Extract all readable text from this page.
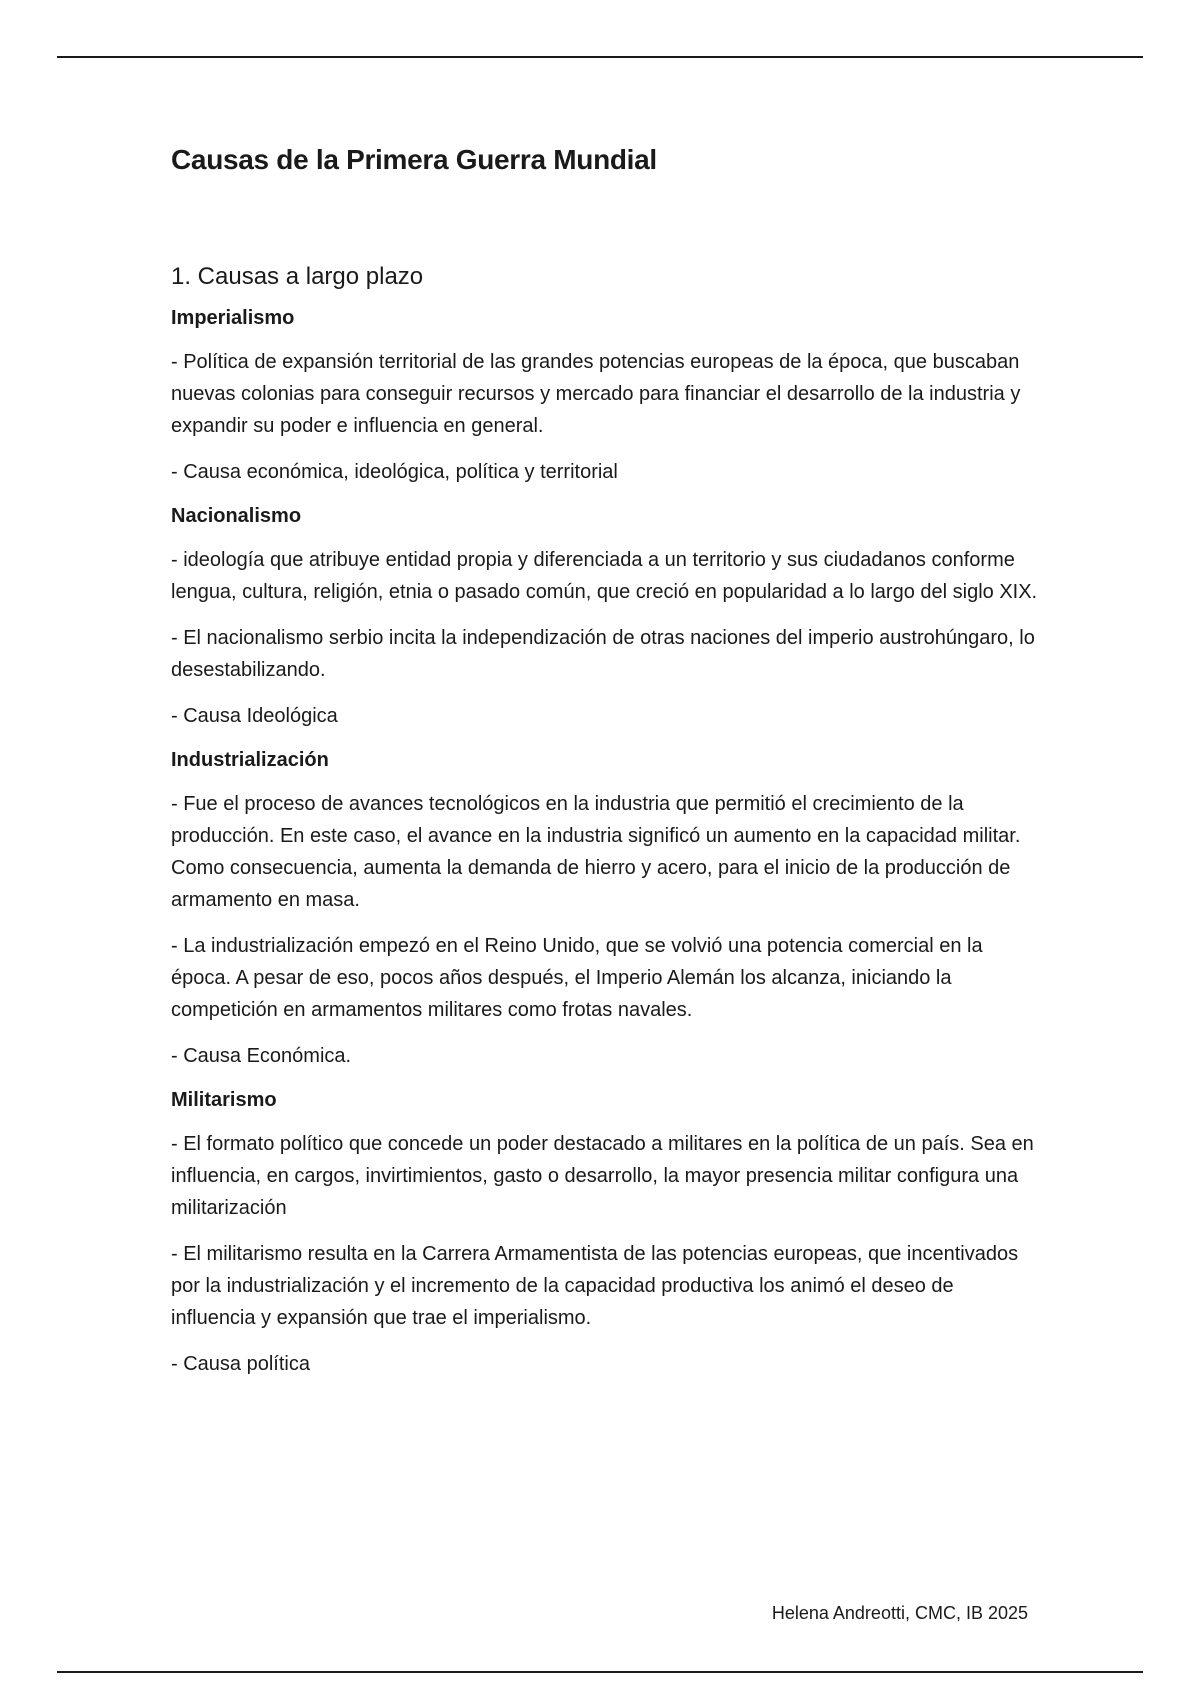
Causas de la Primera Guerra Mundial
1. Causas a largo plazo
Imperialismo

- Política de expansión territorial de las grandes potencias europeas de la época, que buscaban nuevas colonias para conseguir recursos y mercado para financiar el desarrollo de la industria y expandir su poder e influencia en general.

- Causa económica, ideológica, política y territorial

Nacionalismo

- ideología que atribuye entidad propia y diferenciada a un territorio y sus ciudadanos conforme lengua, cultura, religión, etnia o pasado común, que creció en popularidad a lo largo del siglo XIX.

- El nacionalismo serbio incita la independización de otras naciones del imperio austrohúngaro, lo desestabilizando.

- Causa Ideológica

Industrialización

- Fue el proceso de avances tecnológicos en la industria que permitió el crecimiento de la producción. En este caso, el avance en la industria significó un aumento en la capacidad militar. Como consecuencia, aumenta la demanda de hierro y acero, para el inicio de la producción de armamento en masa.

- La industrialización empezó en el Reino Unido, que se volvió una potencia comercial en la época. A pesar de eso, pocos años después, el Imperio Alemán los alcanza, iniciando la competición en armamentos militares como frotas navales.

- Causa Económica.

Militarismo

- El formato político que concede un poder destacado a militares en la política de un país. Sea en influencia, en cargos, invirtimientos, gasto o desarrollo, la mayor presencia militar configura una militarización

- El militarismo resulta en la Carrera Armamentista de las potencias europeas, que incentivados por la industrialización y el incremento de la capacidad productiva los animó el deseo de influencia y expansión que trae el imperialismo.

- Causa política

Helena Andreotti, CMC, IB 2025
